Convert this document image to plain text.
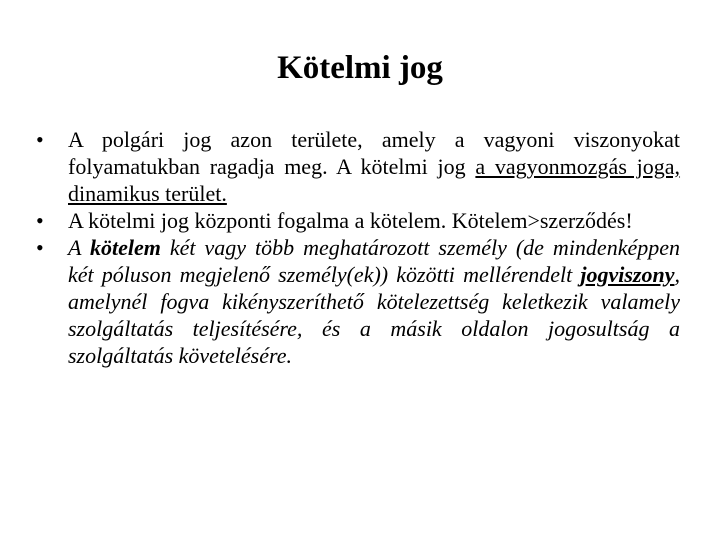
Kötelmi jog
•	A polgári jog azon területe, amely a vagyoni viszonyokat folyamatukban ragadja meg. A kötelmi jog a vagyonmozgás joga, dinamikus terület.
•	A kötelmi jog központi fogalma a kötelem. Kötelem>szerződés!
•	A kötelem két vagy több meghatározott személy (de mindenképpen két póluson megjelenő személy(ek)) közötti mellérendelt jogviszony, amelynél fogva kikényszeríthető kötelezettség keletkezik valamely szolgáltatás teljesítésére, és a másik oldalon jogosultság a szolgáltatás követelésére.
